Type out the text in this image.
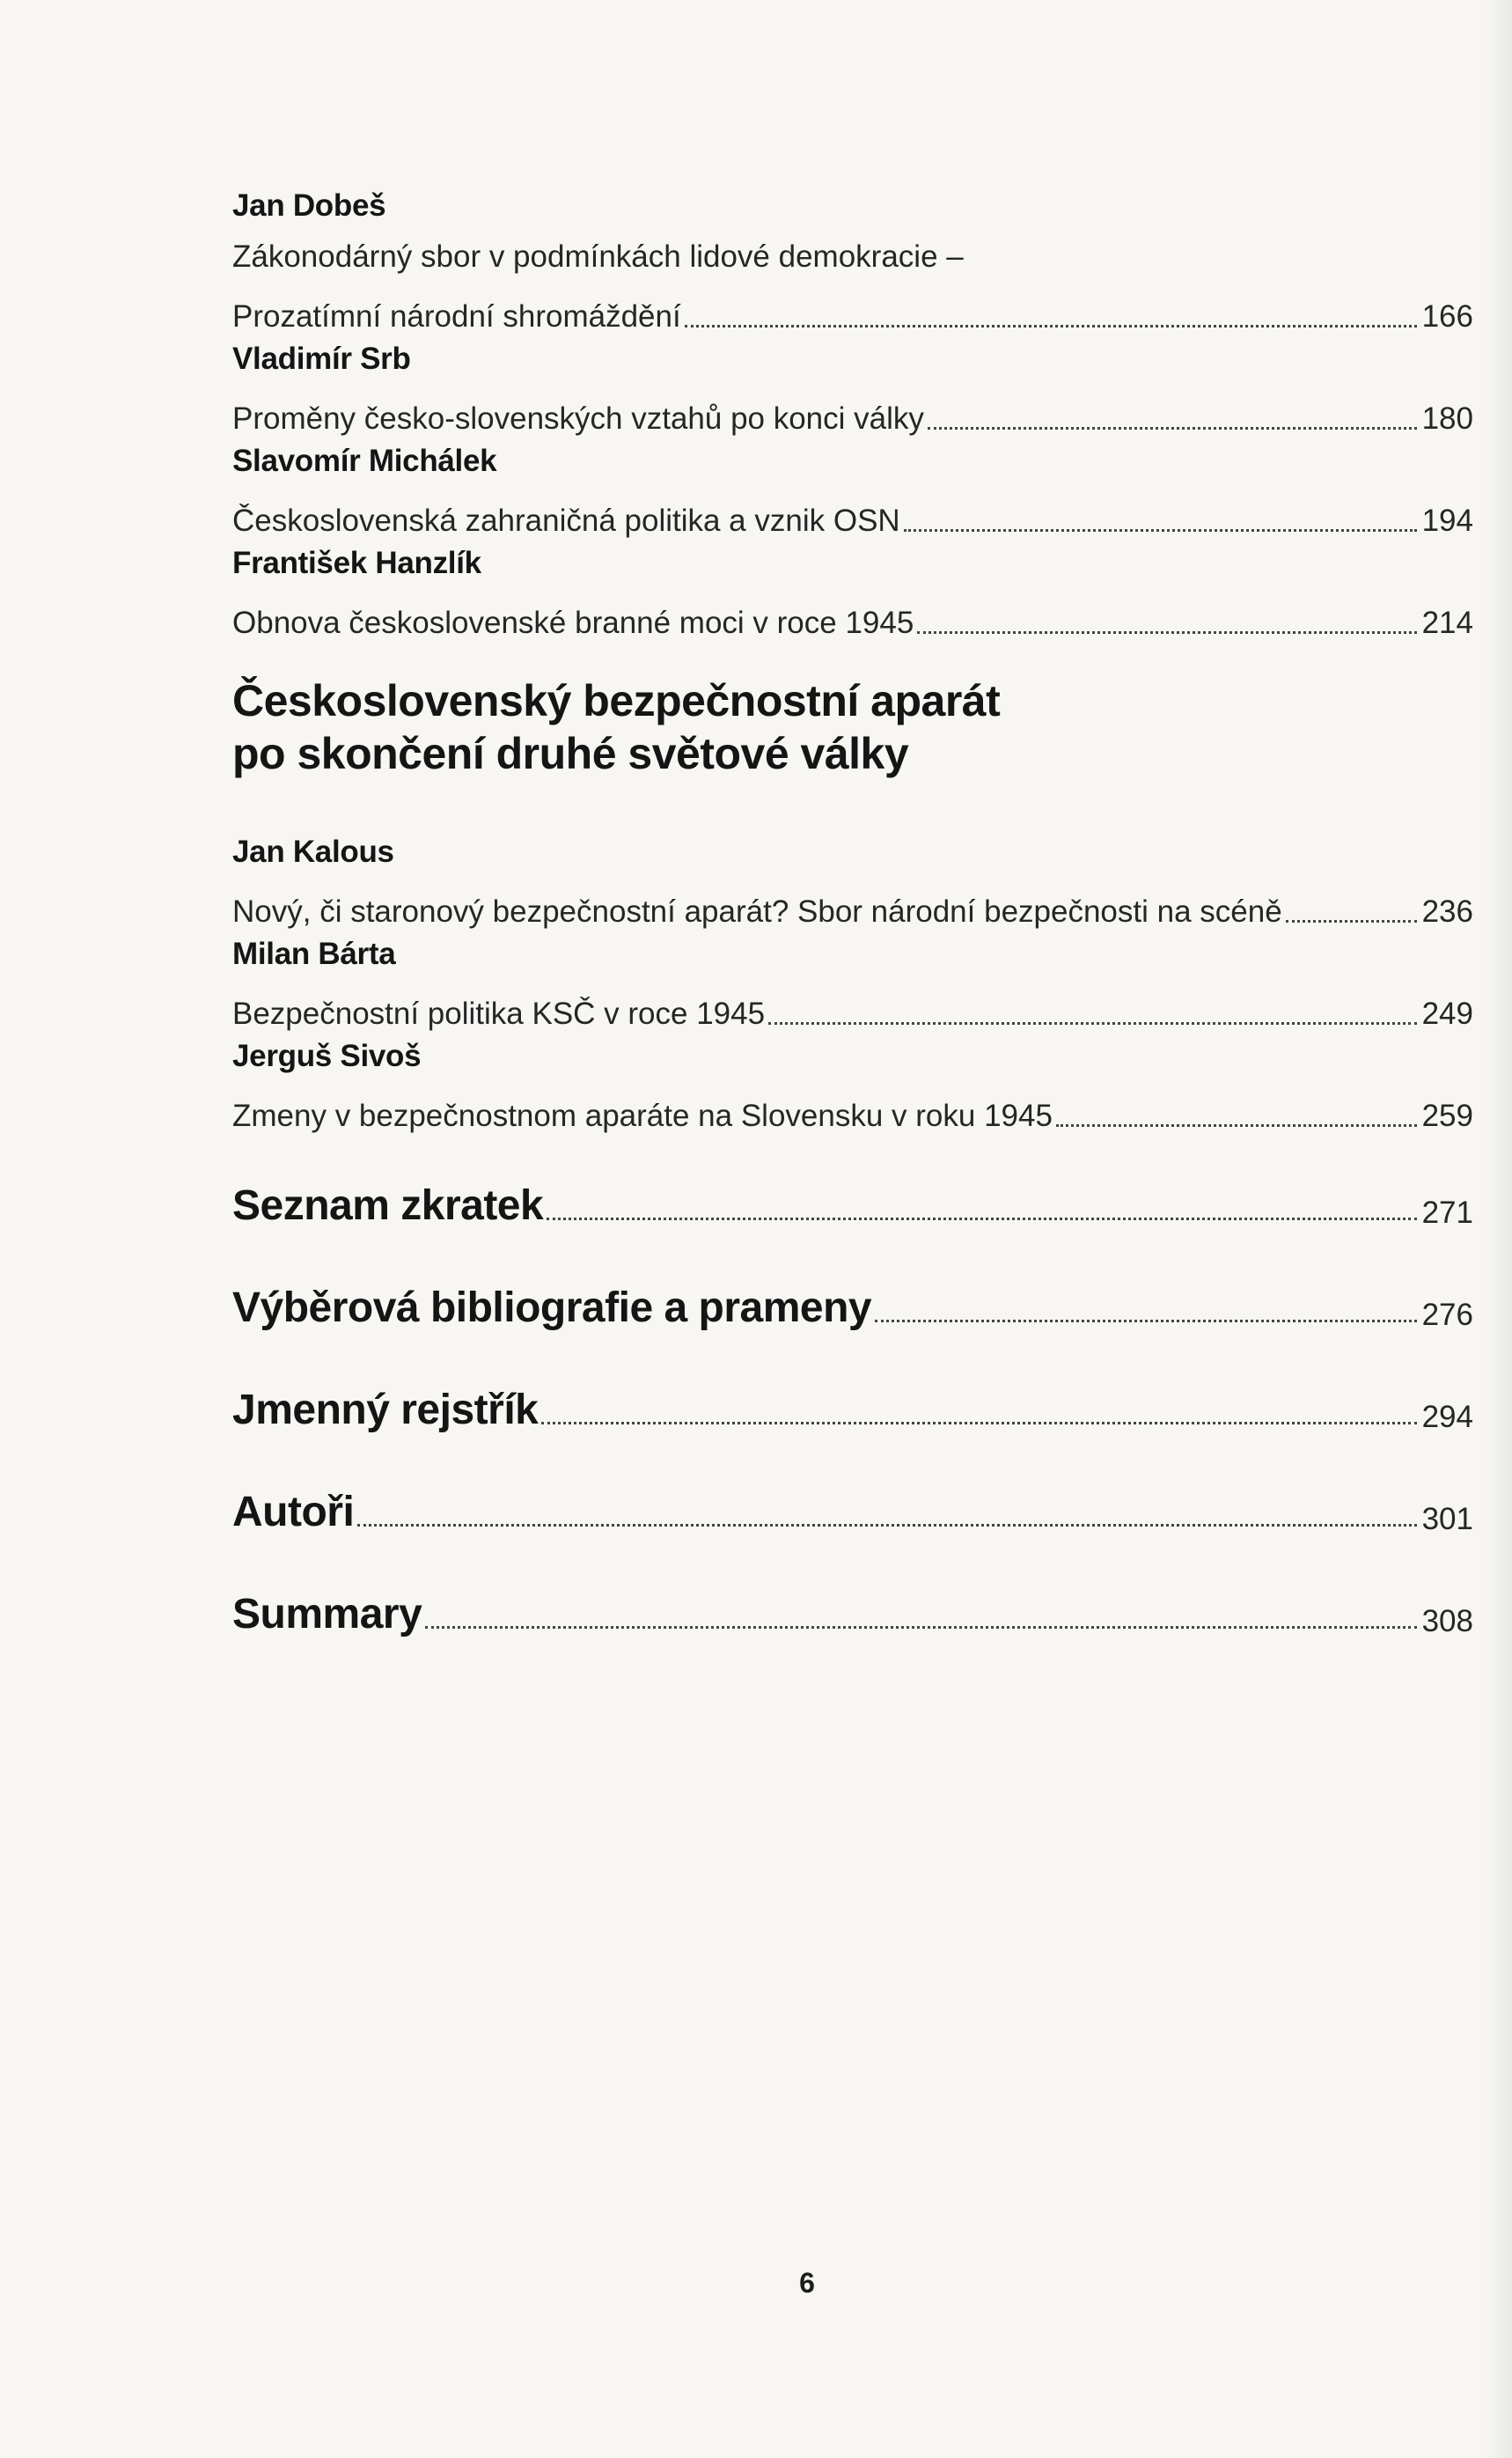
Jan Dobeš
Zákonodárný sbor v podmínkách lidové demokracie –
Prozatímní národní shromáždění	166
Vladimír Srb
Proměny česko-slovenských vztahů po konci války	180
Slavomír Michálek
Československá zahraničná politika a vznik OSN	194
František Hanzlík
Obnova československé branné moci v roce 1945	214
Československý bezpečnostní aparát
po skončení druhé světové války
Jan Kalous
Nový, či staronový bezpečnostní aparát? Sbor národní bezpečnosti na scéně	236
Milan Bárta
Bezpečnostní politika KSČ v roce 1945	249
Jerguš Sivoš
Zmeny v bezpečnostnom aparáte na Slovensku v roku 1945	259
Seznam zkratek	271
Výběrová bibliografie a prameny	276
Jmenný rejstřík	294
Autoři	301
Summary	308
6
